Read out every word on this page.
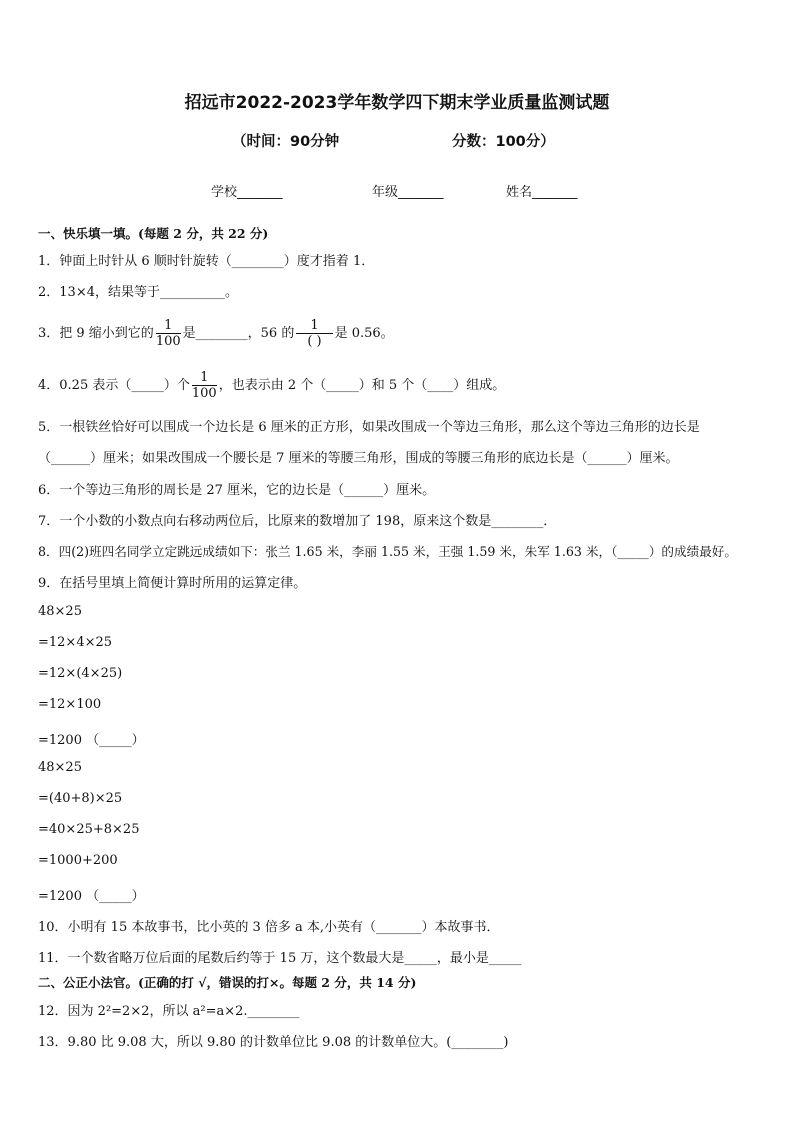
招远市2022-2023学年数学四下期末学业质量监测试题
（时间：90分钟	分数：100分）
学校_______	年级_______	姓名_______
一、快乐填一填。(每题 2 分，共 22 分)
1．钟面上时针从 6 顺时针旋转（________）度才指着 1．
2．13×4，结果等于__________。
3．把 9 缩小到它的 $\frac{1}{100}$ 是________，56 的 $\frac{1}{( )}$ 是 0.56。
4．0.25 表示（_____）个 $\frac{1}{100}$ ，也表示由 2 个（_____）和 5 个（____）组成。
5．一根铁丝恰好可以围成一个边长是 6 厘米的正方形，如果改围成一个等边三角形，那么这个等边三角形的边长是
（______）厘米；如果改围成一个腰长是 7 厘米的等腰三角形，围成的等腰三角形的底边长是（______）厘米。
6．一个等边三角形的周长是 27 厘米，它的边长是（______）厘米。
7．一个小数的小数点向右移动两位后，比原来的数增加了 198，原来这个数是________．
8．四(2)班四名同学立定跳远成绩如下：张兰 1.65 米，李丽 1.55 米，王强 1.59 米，朱军 1.63 米，（_____）的成绩最好。
9．在括号里填上简便计算时所用的运算定律。
48×25
=12×4×25
=12×(4×25)
=12×100
=1200 （_____）
48×25
=(40+8)×25
=40×25+8×25
=1000+200
=1200 （_____）
10．小明有 15 本故事书，比小英的 3 倍多 a 本,小英有（_______）本故事书．
11．一个数省略万位后面的尾数后约等于 15 万，这个数最大是_____，最小是_____
二、公正小法官。(正确的打 √，错误的打×。每题 2 分，共 14 分)
12．因为 2²=2×2，所以 a²=a×2.________
13．9.80 比 9.08 大，所以 9.80 的计数单位比 9.08 的计数单位大。(________)
